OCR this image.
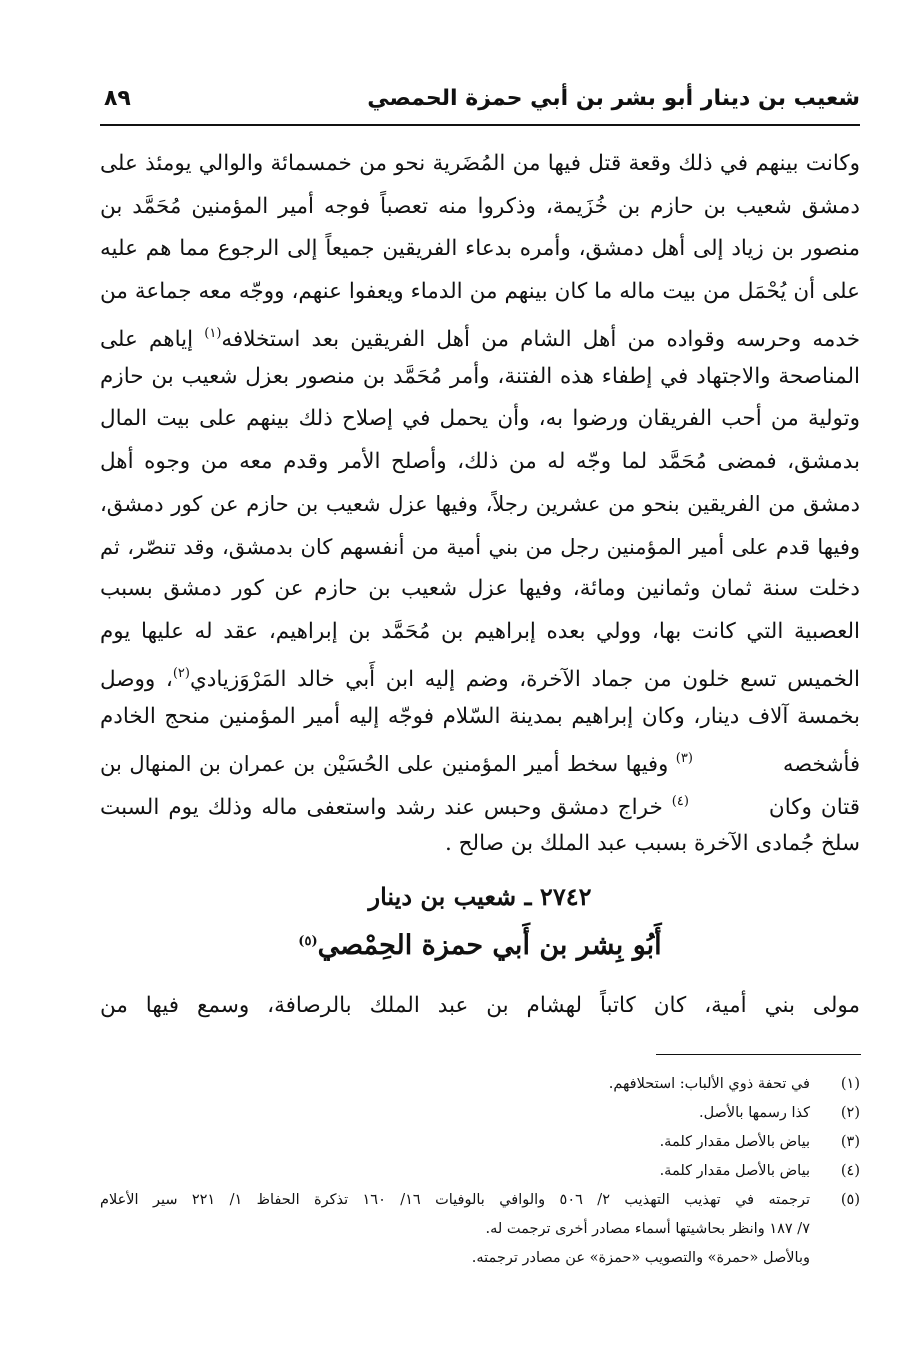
شعيب بن دينار أبو بشر بن أبي حمزة الحمصي
٨٩
وكانت بينهم في ذلك وقعة قتل فيها من المُضَرية نحو من خمسمائة والوالي يومئذ على
دمشق شعيب بن حازم بن خُزَيمة، وذكروا منه تعصباً فوجه أمير المؤمنين مُحَمَّد بن
منصور بن زياد إلى أهل دمشق، وأمره بدعاء الفريقين جميعاً إلى الرجوع مما هم عليه
على أن يُحْمَل من بيت ماله ما كان بينهم من الدماء ويعفوا عنهم، ووجّه معه جماعة من
خدمه وحرسه وقواده من أهل الشام من أهل الفريقين بعد استخلافه$^{(١)}$ إياهم على
المناصحة والاجتهاد في إطفاء هذه الفتنة، وأمر مُحَمَّد بن منصور بعزل شعيب بن حازم
وتولية من أحب الفريقان ورضوا به، وأن يحمل في إصلاح ذلك بينهم على بيت المال
بدمشق، فمضى مُحَمَّد لما وجّه له من ذلك، وأصلح الأمر وقدم معه من وجوه أهل
دمشق من الفريقين بنحو من عشرين رجلاً، وفيها عزل شعيب بن حازم عن كور دمشق،
وفيها قدم على أمير المؤمنين رجل من بني أمية من أنفسهم كان بدمشق، وقد تنصّر، ثم
دخلت سنة ثمان وثمانين ومائة، وفيها عزل شعيب بن حازم عن كور دمشق بسبب
العصبية التي كانت بها، وولي بعده إبراهيم بن مُحَمَّد بن إبراهيم، عقد له عليها يوم
الخميس تسع خلون من جماد الآخرة، وضم إليه ابن أَبي خالد المَرْوَزيادي$^{(٢)}$، ووصل
بخمسة آلاف دينار، وكان إبراهيم بمدينة السّلام فوجّه إليه أمير المؤمنين منحج الخادم
فأشخصه$^{(٣)}$ وفيها سخط أمير المؤمنين على الحُسَيْن بن عمران بن المنهال بن
قتان وكان$^{(٤)}$ خراج دمشق وحبس عند رشد واستعفى ماله وذلك يوم السبت
سلخ جُمادى الآخرة بسبب عبد الملك بن صالح .
٢٧٤٢ ـ شعيب بن دينار
أَبُو بِشر بن أَبي حمزة الحِمْصي$^{(٥)}$
مولى بني أمية، كان كاتباً لهشام بن عبد الملك بالرصافة، وسمع فيها من
(١)
في تحفة ذوي الألباب: استحلافهم.
(٢)
كذا رسمها بالأصل.
(٣)
بياض بالأصل مقدار كلمة.
(٤)
بياض بالأصل مقدار كلمة.
(٥)
ترجمته في تهذيب التهذيب ٢/ ٥٠٦ والوافي بالوفيات ١٦/ ١٦٠ تذكرة الحفاظ ١/ ٢٢١ سير الأعلام
٧/ ١٨٧ وانظر بحاشيتها أسماء مصادر أخرى ترجمت له.
وبالأصل «حمرة» والتصويب «حمزة» عن مصادر ترجمته.
